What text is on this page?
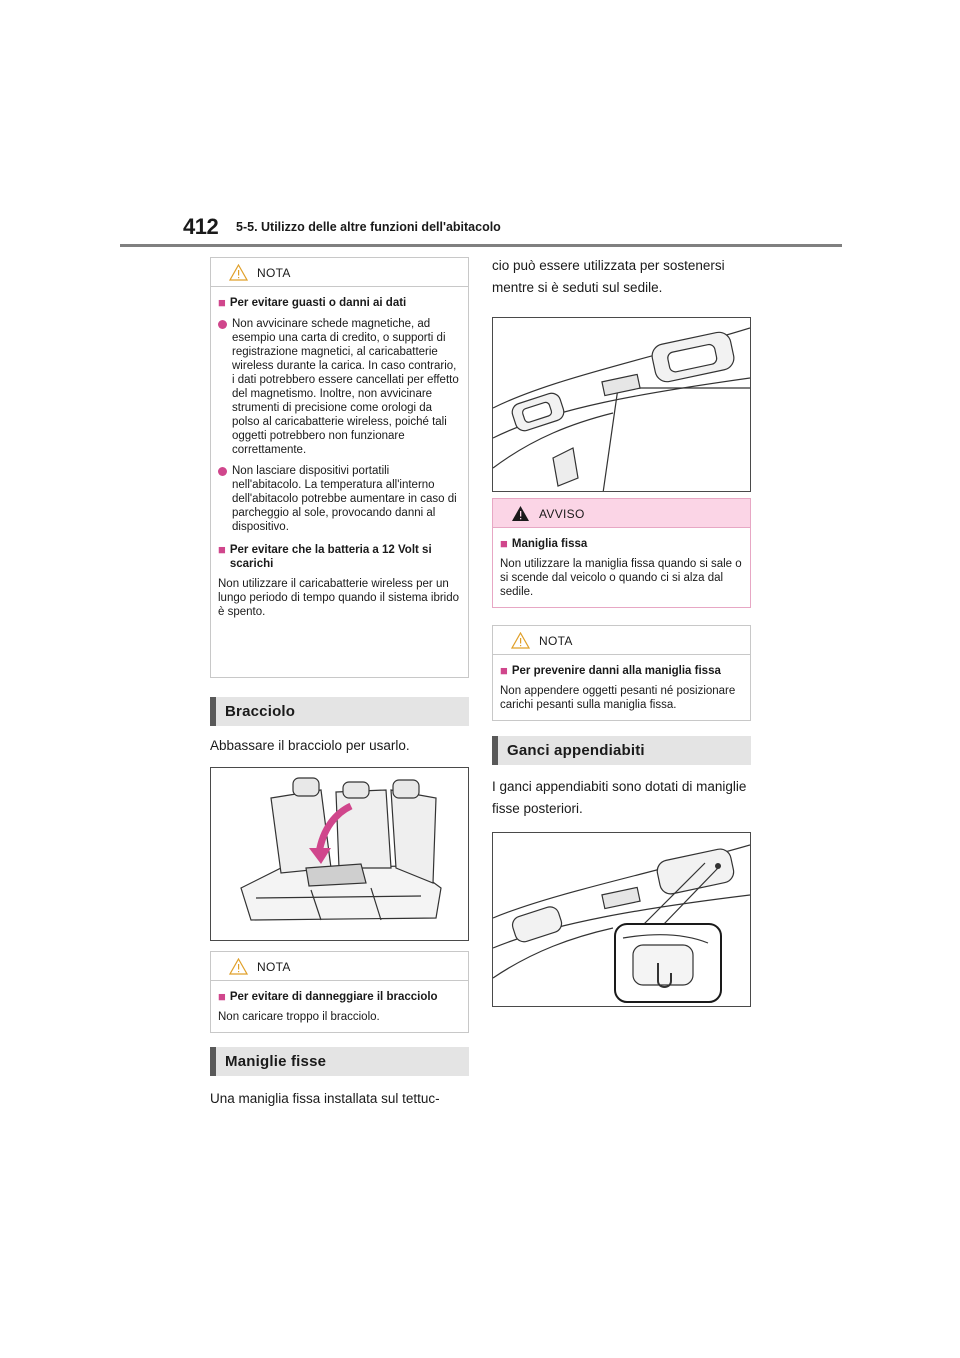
412 5-5. Utilizzo delle altre funzioni dell'abitacolo
NOTA
■ Per evitare guasti o danni ai dati
Non avvicinare schede magnetiche, ad esempio una carta di credito, o supporti di registrazione magnetici, al caricabatterie wireless durante la carica. In caso contrario, i dati potrebbero essere cancellati per effetto del magnetismo. Inoltre, non avvicinare strumenti di precisione come orologi da polso al caricabatterie wireless, poiché tali oggetti potrebbero non funzionare correttamente.
Non lasciare dispositivi portatili nell'abitacolo. La temperatura all'interno dell'abitacolo potrebbe aumentare in caso di parcheggio al sole, provocando danni al dispositivo.
■ Per evitare che la batteria a 12 Volt si scarichi
Non utilizzare il caricabatterie wireless per un lungo periodo di tempo quando il sistema ibrido è spento.
Bracciolo
Abbassare il bracciolo per usarlo.
NOTA
■ Per evitare di danneggiare il bracciolo
Non caricare troppo il bracciolo.
Maniglie fisse
Una maniglia fissa installata sul tettuc-
cio può essere utilizzata per sostenersi mentre si è seduti sul sedile.
AVVISO
■ Maniglia fissa
Non utilizzare la maniglia fissa quando si sale o si scende dal veicolo o quando ci si alza dal sedile.
NOTA
■ Per prevenire danni alla maniglia fissa
Non appendere oggetti pesanti né posizionare carichi pesanti sulla maniglia fissa.
Ganci appendiabiti
I ganci appendiabiti sono dotati di maniglie fisse posteriori.
